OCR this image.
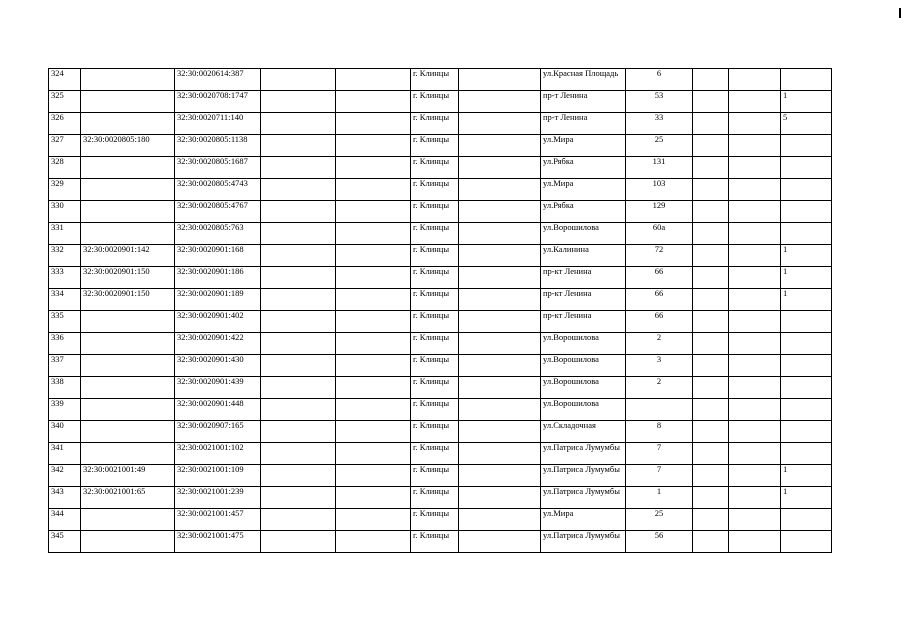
324		32:30:0020614:387			г. Клинцы		ул.Красная Площадь	6			
325		32:30:0020708:1747			г. Клинцы		пр-т Ленина	53			1
326		32:30:0020711:140			г. Клинцы		пр-т Ленина	33			5
327	32:30:0020805:180	32:30:0020805:1138			г. Клинцы		ул.Мира	25			
328		32:30:0020805:1687			г. Клинцы		ул.Рябка	131			
329		32:30:0020805:4743			г. Клинцы		ул.Мира	103			
330		32:30:0020805:4767			г. Клинцы		ул.Рябка	129			
331		32:30:0020805:763			г. Клинцы		ул.Ворошилова	60а			
332	32:30:0020901:142	32:30:0020901:168			г. Клинцы		ул.Калинина	72			1
333	32:30:0020901:150	32:30:0020901:186			г. Клинцы		пр-кт Ленина	66			1
334	32:30:0020901:150	32:30:0020901:189			г. Клинцы		пр-кт Ленина	66			1
335		32:30:0020901:402			г. Клинцы		пр-кт Ленина	66			
336		32:30:0020901:422			г. Клинцы		ул.Ворошилова	2			
337		32:30:0020901:430			г. Клинцы		ул.Ворошилова	3			
338		32:30:0020901:439			г. Клинцы		ул.Ворошилова	2			
339		32:30:0020901:448			г. Клинцы		ул.Ворошилова				
340		32:30:0020907:165			г. Клинцы		ул.Складочная	8			
341		32:30:0021001:102			г. Клинцы		ул.Патриса Лумумбы	7			
342	32:30:0021001:49	32:30:0021001:109			г. Клинцы		ул.Патриса Лумумбы	7			1
343	32:30:0021001:65	32:30:0021001:239			г. Клинцы		ул.Патриса Лумумбы	1			1
344		32:30:0021001:457			г. Клинцы		ул.Мира	25			
345		32:30:0021001:475			г. Клинцы		ул.Патриса Лумумбы	56			
